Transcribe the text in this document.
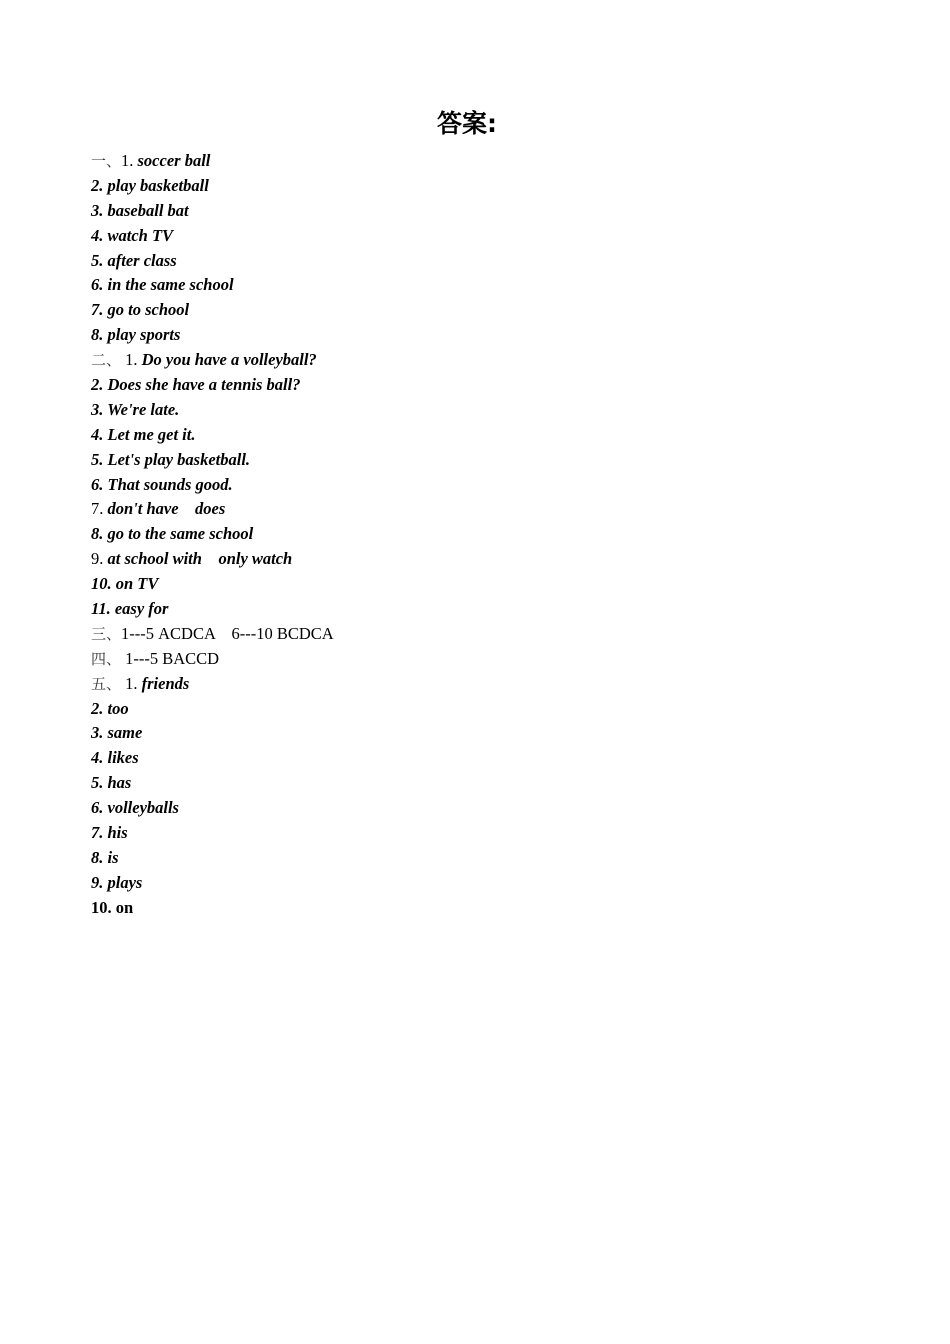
答案:
一、1. soccer ball
2. play basketball
3. baseball bat
4. watch TV
5. after class
6. in the same school
7. go to school
8. play sports
二、 1. Do you have a volleyball?
2. Does she have a tennis ball?
3. We're late.
4. Let me get it.
5. Let's play basketball.
6. That sounds good.
7. don't have    does
8. go to the same school
9. at school with    only watch
10. on TV
11. easy for
三、1---5 ACDCA    6---10 BCDCA
四、 1---5 BACCD
五、 1. friends
2. too
3. same
4. likes
5. has
6. volleyballs
7. his
8. is
9. plays
10. on
